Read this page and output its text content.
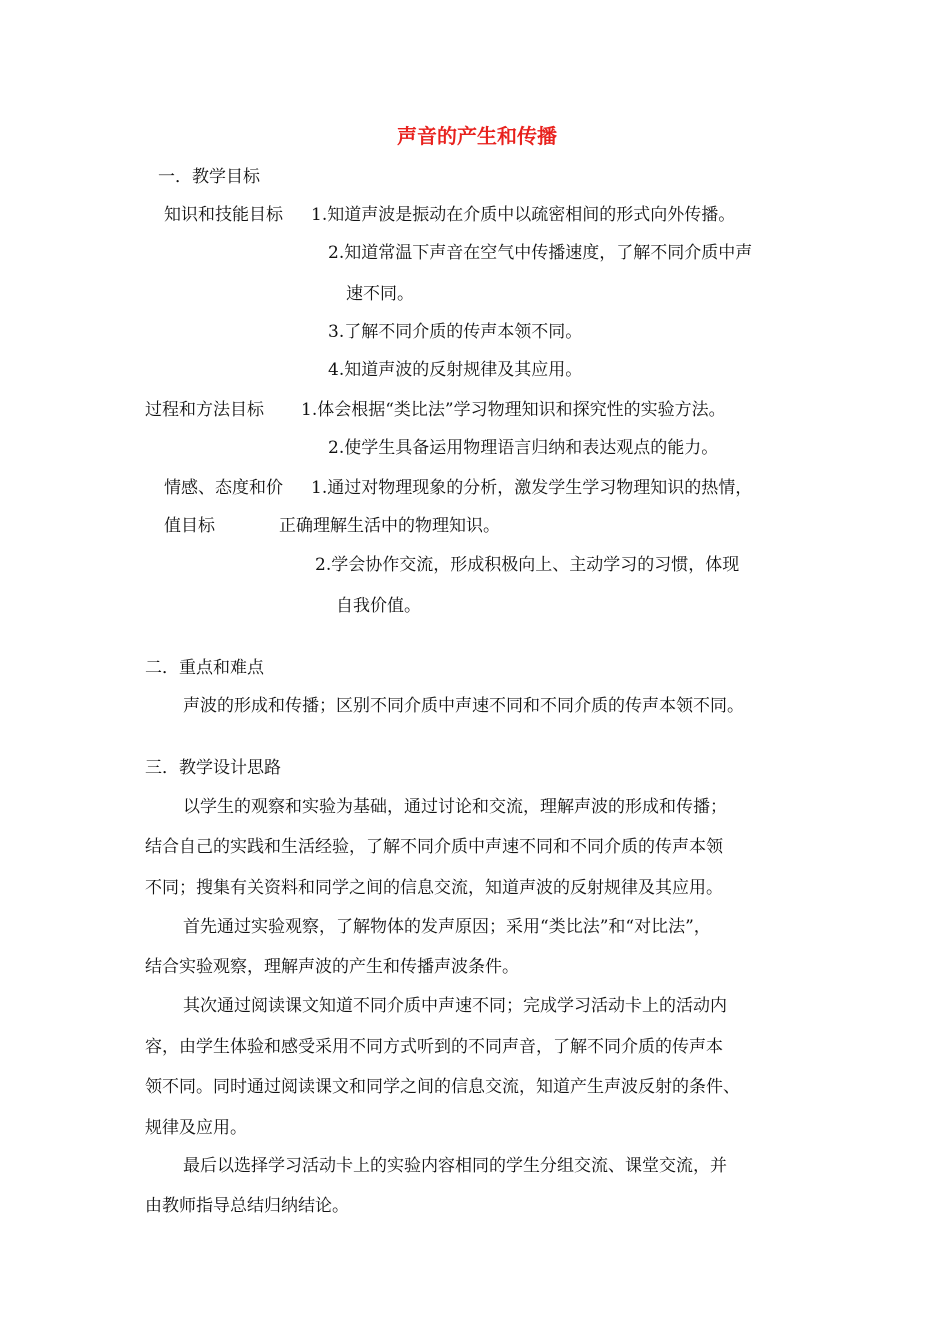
声音的产生和传播
一．教学目标
知识和技能目标 1.知道声波是振动在介质中以疏密相间的形式向外传播。
2.知道常温下声音在空气中传播速度，了解不同介质中声
速不同。
3.了解不同介质的传声本领不同。
4.知道声波的反射规律及其应用。
过程和方法目标 1.体会根据“类比法”学习物理知识和探究性的实验方法。
2.使学生具备运用物理语言归纳和表达观点的能力。
情感、态度和价
值目标
1.通过对物理现象的分析，激发学生学习物理知识的热情，
正确理解生活中的物理知识。
2.学会协作交流，形成积极向上、主动学习的习惯，体现
自我价值。
二．重点和难点
声波的形成和传播；区别不同介质中声速不同和不同介质的传声本领不同。
三．教学设计思路
以学生的观察和实验为基础，通过讨论和交流，理解声波的形成和传播；
结合自己的实践和生活经验，了解不同介质中声速不同和不同介质的传声本领
不同；搜集有关资料和同学之间的信息交流，知道声波的反射规律及其应用。
首先通过实验观察，了解物体的发声原因；采用“类比法”和“对比法”，
结合实验观察，理解声波的产生和传播声波条件。
其次通过阅读课文知道不同介质中声速不同；完成学习活动卡上的活动内
容，由学生体验和感受采用不同方式听到的不同声音，了解不同介质的传声本
领不同。同时通过阅读课文和同学之间的信息交流，知道产生声波反射的条件、
规律及应用。
最后以选择学习活动卡上的实验内容相同的学生分组交流、课堂交流，并
由教师指导总结归纳结论。
